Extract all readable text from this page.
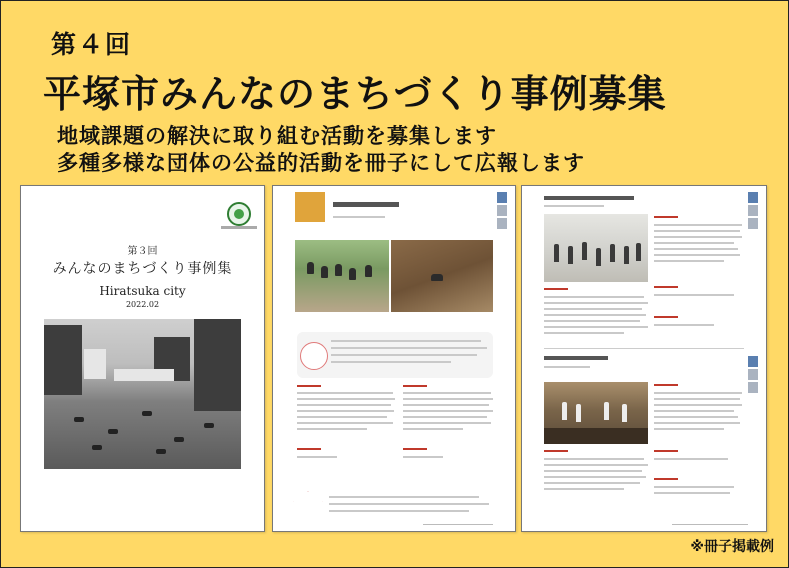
第４回
平塚市みんなのまちづくり事例募集
地域課題の解決に取り組む活動を募集します
多種多様な団体の公益的活動を冊子にして広報します
第３回
みんなのまちづくり事例集
Hiratsuka city
2022.02
※冊子掲載例
